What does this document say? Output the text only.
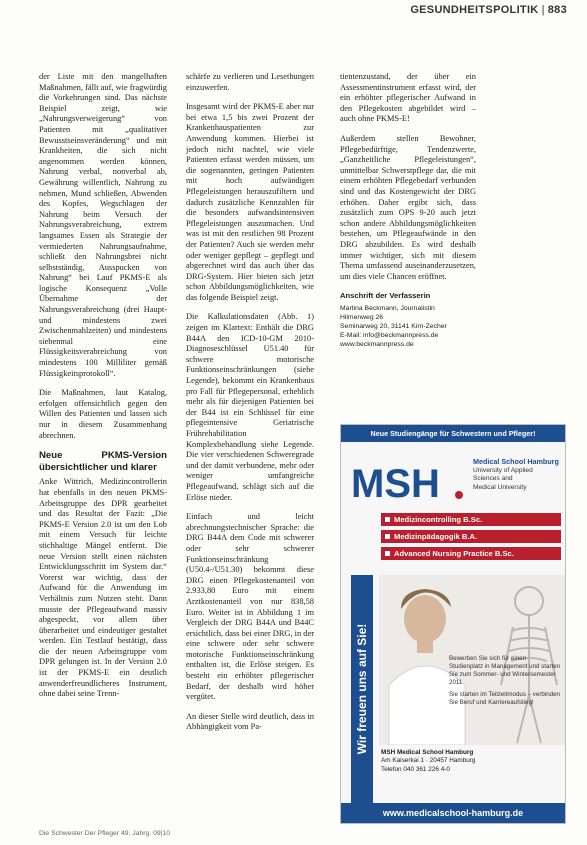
GESUNDHEITSPOLITIK | 883

der Liste mit den mangelhaften Maßnahmen, fällt auf, wie fragwürdig die Vorkehrungen sind. Das nächste Beispiel zeigt, wie „Nahrungsverweigerung“ von Patienten mit „qualitativer Bewusstseinsveränderung“ und mit Krankheiten, die sich nicht angenommen werden können, Nahrung verbal, nonverbal ab, Gewährung willentlich, Nahrung zu nehmen, Mund schließen, Abwenden des Kopfes, Wegschlagen der Nahrung beim Versuch der Nahrungsverabreichung, extrem langsames Essen als Strategie der vermiederten Nahrungsaufnahme, schließt den Nahrungsbrei nicht selbstständig, Ausspucken von Nahrung“ bei Lauf PKMS-E als logische Konsequenz „Volle Übernahme der Nahrungsverabreichung (drei Haupt- und mindestens zwei Zwischenmahlzeiten) und mindestens siebenmal eine Flüssigkeitsverabreichung von mindestens 100 Milliliter gemäß Flüssigkeitsprotokoll“.

Die Maßnahmen, laut Katalog, erfolgen offensichtlich gegen den Willen des Patienten und lassen sich nur in diesem Zusammenhang abrechnen.

Neue PKMS-Version übersichtlicher und klarer

Anke Wittrich, Medizincontrollerin hat ebenfalls in den neuen PKMS-Arbeitsgruppe des DPR gearbeitet und das Resultat der Fazit: „Die PKMS-E Version 2.0 ist um den Lob mit einem Versuch für leichte stichhaltige Mängel entfernt. Die neue Version stellt einen nächsten Entwicklungsschritt im System dar.“ Vorerst war wichtig, dass der Aufwand für die Anwendung im Verhältnis zum Nutzen steht. Dann musste der Pflegeaufwand massiv abgespeckt, vor allem über überarbeitet und eindeutiger gestaltet werden. Ein Testlauf bestätigt, dass die der neuen Arbeitsgruppe vom DPR gelungen ist. In der Version 2.0 ist der PKMS-E ein deutlich anwenderfreundlicheres Instrument, ohne dabei seine Trenn-

schärfe zu verlieren und Lesetbungen einzuwerfen.

Insgesamt wird der PKMS-E aber nur bei etwa 1,5 bis zwei Prozent der Krankenhauspatienten zur Anwendung kommen. Hierbei ist jedoch nicht nachtel, wie viele Patienten erfasst werden müssen, um die sogenannten, geringen Patienten mit hoch aufwändigen Pflegeleistungen herauszufiltern und dadurch zusätzliche Kennzahlen für die besonders aufwandsintensiven Pflegeleistungen auszumachen. Und was ist mit den restlichen 98 Prozent der Patienten? Auch sie werden mehr oder weniger gepflegt – gepflegt und abgerechnet wird das auch über das DRG-System. Hier bieten sich jetzt schon Abbildungsmöglichkeiten, wie das folgende Beispiel zeigt.

Die Kalkulationsdaten (Abb. 1) zeigen im Klartext: Enthält die DRG B44A den ICD-10-GM 2010-Diagnoseschlüssel U51.40 für schwere motorische Funktionseinschränkungen (siehe Legende), bekommt ein Krankenhaus pro Fall für Pflegepersonal, erheblich mehr als für diejenigen Patienten bei der B44 ist ein Schlüssel für eine pflegeintensive Geriatrische Frührehabilitation Komplexbehandlung siehe Legende. Die vier verschiedenen Schweregrade und der damit verbundene, mehr oder weniger umfangreiche Pflegeaufwand, schlägt sich auf die Erlöse nieder.

Einfach und leicht abrechnungstechnischer Sprache: die DRG B44A dem Code mit schwerer oder sehr schwerer Funktionseinschränkung (U50.4-/U51.30) bekommt diese DRG einen Pflegekostenanteil von 2.933,80 Euro mit einem Arztkostenanteil von nur 838,58 Euro. Weiter ist in Abbildung 1 im Vergleich der DRG B44A und B44C ersichtlich, dass bei einer DRG, in der eine schwere oder sehr schwere motorische Funktionseinschränkung enthalten ist, die Erlöse steigen. Es besteht ein erhöhter pflegerischer Bedarf, der deshalb wird höher vergütet.

An dieser Stelle wird deutlich, dass in Abhängigkeit vom Pa-

tientenzustand, der über ein Assessmentinstrument erfasst wird, der ein erhöhter pflegerischer Aufwand in den Pflegekosten abgebildet wird – auch ohne PKMS-E!

Außerdem stellen Bewohner, Pflegebedürftige, Tendenzwerte, „Ganzheitliche Pflegeleistungen“, unmittelbar Schwerstpflege dar, die mit einem erhöhten Pflegebedarf verbunden sind und das Kostengewicht der DRG erhöhen. Daher ergibt sich, dass zusätzlich zum OPS 9-20 auch jetzt schon andere Abbildungsmöglichkeiten bestehen, um Pflegeaufwände in den DRG abzubilden. Es wird deshalb immer wichtiger, sich mit diesem Thema umfassend auseinanderzusetzen, um dies viele Chancen eröffnet.

Anschrift der Verfasserin
Martina Beckmann, Journalistin
Hilmenweg 26
Seminarweg 20, 31141 Kirn-Zecher
E-Mail: info@beckmannpress.de
www.beckmannpress.de
Neue Studiengänge für Schwestern und Pfleger!
MSH
Medical School Hamburg
University of Applied Sciences and
Medical University
Medizincontrolling B.Sc.
Medizinpädagogik B.A.
Advanced Nursing Practice B.Sc.
Wir freuen uns auf Sie!	Bewerben Sie sich für einen Studienplatz in Management und starten Sie zum Sommer- und Wintersemester 2011

Sie starten im Teilzeitmodus – verbinden Sie Beruf und Karriereaufstieg!

MSH Medical School Hamburg
Am Kaiserkai 1 · 20457 Hamburg
Telefon 040 361 226 4-0
www.medicalschool-hamburg.de
Die Schwester Der Pfleger 49. Jahrg. 09|10
